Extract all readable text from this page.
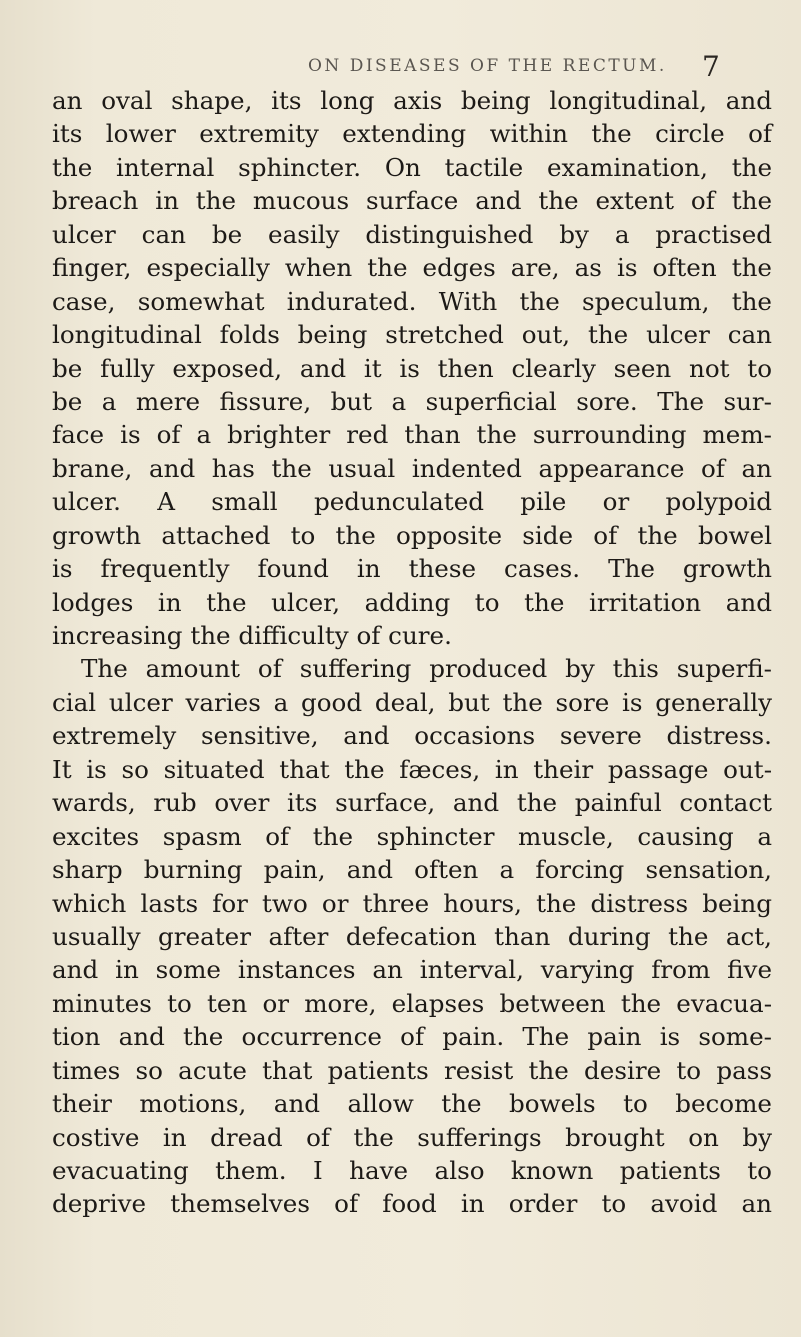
ON DISEASES OF THE RECTUM. 7
an oval shape, its long axis being longitudinal, and
its lower extremity extending within the circle of
the internal sphincter. On tactile examination, the
breach in the mucous surface and the extent of the
ulcer can be easily distinguished by a practised
finger, especially when the edges are, as is often the
case, somewhat indurated. With the speculum, the
longitudinal folds being stretched out, the ulcer can
be fully exposed, and it is then clearly seen not to
be a mere fissure, but a superficial sore. The sur-
face is of a brighter red than the surrounding mem-
brane, and has the usual indented appearance of an
ulcer. A small pedunculated pile or polypoid
growth attached to the opposite side of the bowel
is frequently found in these cases. The growth
lodges in the ulcer, adding to the irritation and
increasing the difficulty of cure.
The amount of suffering produced by this superfi-
cial ulcer varies a good deal, but the sore is generally
extremely sensitive, and occasions severe distress.
It is so situated that the fæces, in their passage out-
wards, rub over its surface, and the painful contact
excites spasm of the sphincter muscle, causing a
sharp burning pain, and often a forcing sensation,
which lasts for two or three hours, the distress being
usually greater after defecation than during the act,
and in some instances an interval, varying from five
minutes to ten or more, elapses between the evacua-
tion and the occurrence of pain. The pain is some-
times so acute that patients resist the desire to pass
their motions, and allow the bowels to become
costive in dread of the sufferings brought on by
evacuating them. I have also known patients to
deprive themselves of food in order to avoid an
